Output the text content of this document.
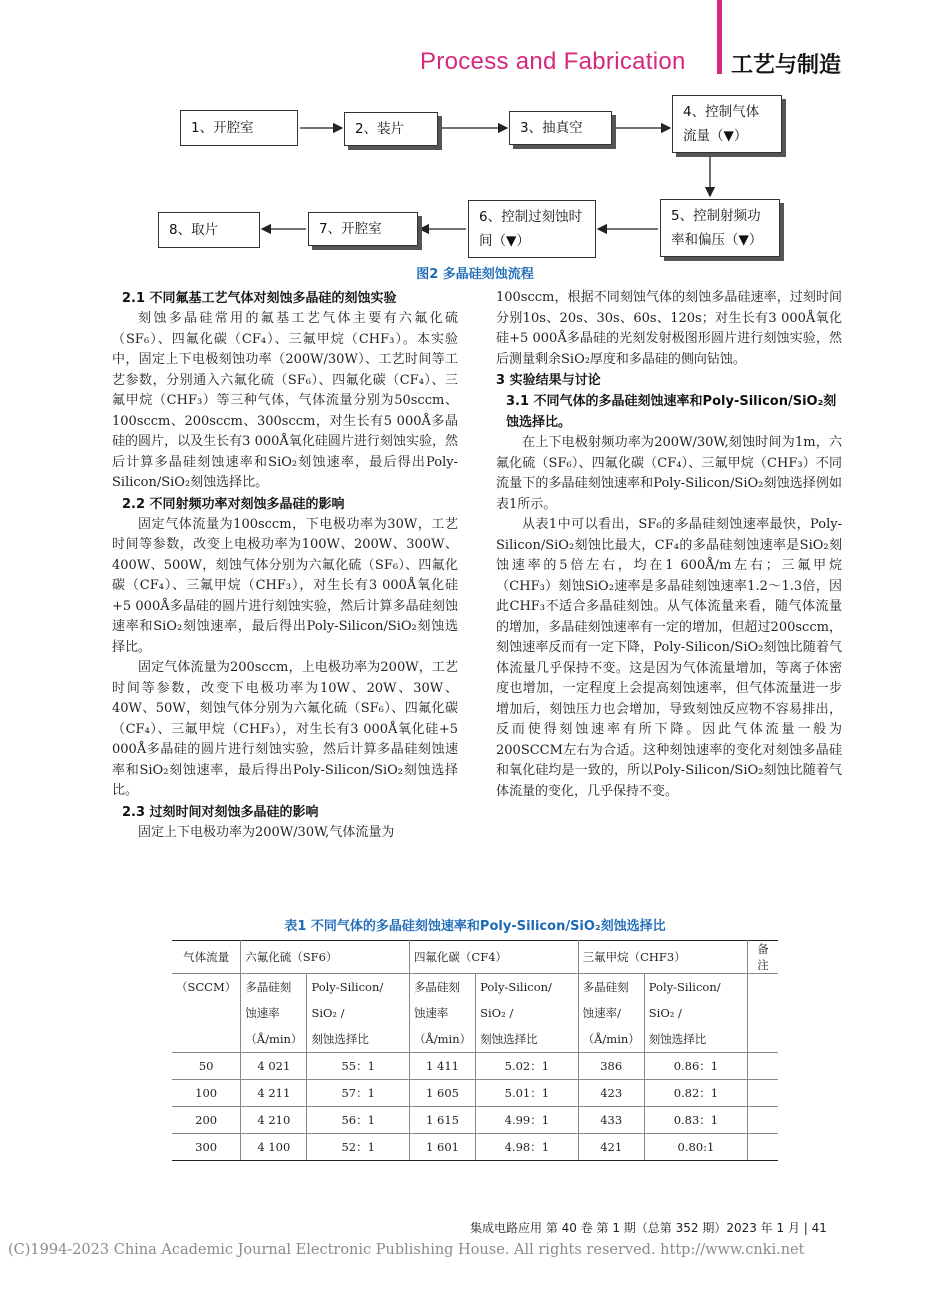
Process and Fabrication 工艺与制造
1、开腔室	2、装片	3、抽真空
4、控制气体流量（▼）
5、控制射频功率和偏压（▼）
6、控制过刻蚀时间（▼）
7、开腔室
8、取片
图2 多晶硅刻蚀流程
2.1 不同氟基工艺气体对刻蚀多晶硅的刻蚀实验

刻蚀多晶硅常用的氟基工艺气体主要有六氟化硫（SF₆）、四氟化碳（CF₄）、三氟甲烷（CHF₃）。本实验中，固定上下电极刻蚀功率（200W/30W）、工艺时间等工艺参数，分别通入六氟化硫（SF₆）、四氟化碳（CF₄）、三氟甲烷（CHF₃）等三种气体，气体流量分别为50sccm、100sccm、200sccm、300sccm，对生长有5 000Å多晶硅的圆片，以及生长有3 000Å氧化硅圆片进行刻蚀实验，然后计算多晶硅刻蚀速率和SiO₂刻蚀速率，最后得出Poly-Silicon/SiO₂刻蚀选择比。

2.2 不同射频功率对刻蚀多晶硅的影响

固定气体流量为100sccm，下电极功率为30W，工艺时间等参数，改变上电极功率为100W、200W、300W、400W、500W，刻蚀气体分别为六氟化硫（SF₆）、四氟化碳（CF₄）、三氟甲烷（CHF₃），对生长有3 000Å氧化硅+5 000Å多晶硅的圆片进行刻蚀实验，然后计算多晶硅刻蚀速率和SiO₂刻蚀速率，最后得出Poly-Silicon/SiO₂刻蚀选择比。

固定气体流量为200sccm，上电极功率为200W，工艺时间等参数，改变下电极功率为10W、20W、30W、40W、50W，刻蚀气体分别为六氟化硫（SF₆）、四氟化碳（CF₄）、三氟甲烷（CHF₃），对生长有3 000Å氧化硅+5 000Å多晶硅的圆片进行刻蚀实验，然后计算多晶硅刻蚀速率和SiO₂刻蚀速率，最后得出Poly-Silicon/SiO₂刻蚀选择比。

2.3 过刻时间对刻蚀多晶硅的影响

固定上下电极功率为200W/30W,气体流量为

100sccm，根据不同刻蚀气体的刻蚀多晶硅速率，过刻时间分别10s、20s、30s、60s、120s；对生长有3 000Å氧化硅+5 000Å多晶硅的光刻发射极图形圆片进行刻蚀实验，然后测量剩余SiO₂厚度和多晶硅的侧向钻蚀。

3 实验结果与讨论
3.1 不同气体的多晶硅刻蚀速率和Poly-Silicon/SiO₂刻蚀选择比。

在上下电极射频功率为200W/30W,刻蚀时间为1m，六氟化硫（SF₆）、四氟化碳（CF₄）、三氟甲烷（CHF₃）不同流量下的多晶硅刻蚀速率和Poly-Silicon/SiO₂刻蚀选择例如表1所示。

从表1中可以看出，SF₆的多晶硅刻蚀速率最快，Poly-Silicon/SiO₂刻蚀比最大，CF₄的多晶硅刻蚀速率是SiO₂刻蚀速率的5倍左右，均在1 600Å/m左右；三氟甲烷（CHF₃）刻蚀SiO₂速率是多晶硅刻蚀速率1.2～1.3倍，因此CHF₃不适合多晶硅刻蚀。从气体流量来看，随气体流量的增加，多晶硅刻蚀速率有一定的增加，但超过200sccm，刻蚀速率反而有一定下降，Poly-Silicon/SiO₂刻蚀比随着气体流量几乎保持不变。这是因为气体流量增加，等离子体密度也增加，一定程度上会提高刻蚀速率，但气体流量进一步增加后，刻蚀压力也会增加，导致刻蚀反应物不容易排出，反而使得刻蚀速率有所下降。因此气体流量一般为200SCCM左右为合适。这种刻蚀速率的变化对刻蚀多晶硅和氧化硅均是一致的，所以Poly-Silicon/SiO₂刻蚀比随着气体流量的变化，几乎保持不变。

表1 不同气体的多晶硅刻蚀速率和Poly-Silicon/SiO₂刻蚀选择比
气体流量	六氟化硫（SF6）		四氟化碳（CF4）		三氟甲烷（CHF3）		备注
（SCCM）	多晶硅刻	Poly-Silicon/	多晶硅刻	Poly-Silicon/	多晶硅刻	Poly-Silicon/	
	蚀速率	SiO₂ /	蚀速率	SiO₂ /	蚀速率/	SiO₂ /	
	（Å/min）	刻蚀选择比	（Å/min）	刻蚀选择比	（Å/min）	刻蚀选择比	
50	4 021	55：1	1 411	5.02：1	386	0.86：1	
100	4 211	57：1	1 605	5.01：1	423	0.82：1	
200	4 210	56：1	1 615	4.99：1	433	0.83：1	
300	4 100	52：1	1 601	4.98：1	421	0.80:1	
集成电路应用 第 40 卷 第 1 期（总第 352 期）2023 年 1 月 | 41
(C)1994-2023 China Academic Journal Electronic Publishing House. All rights reserved. http://www.cnki.net
